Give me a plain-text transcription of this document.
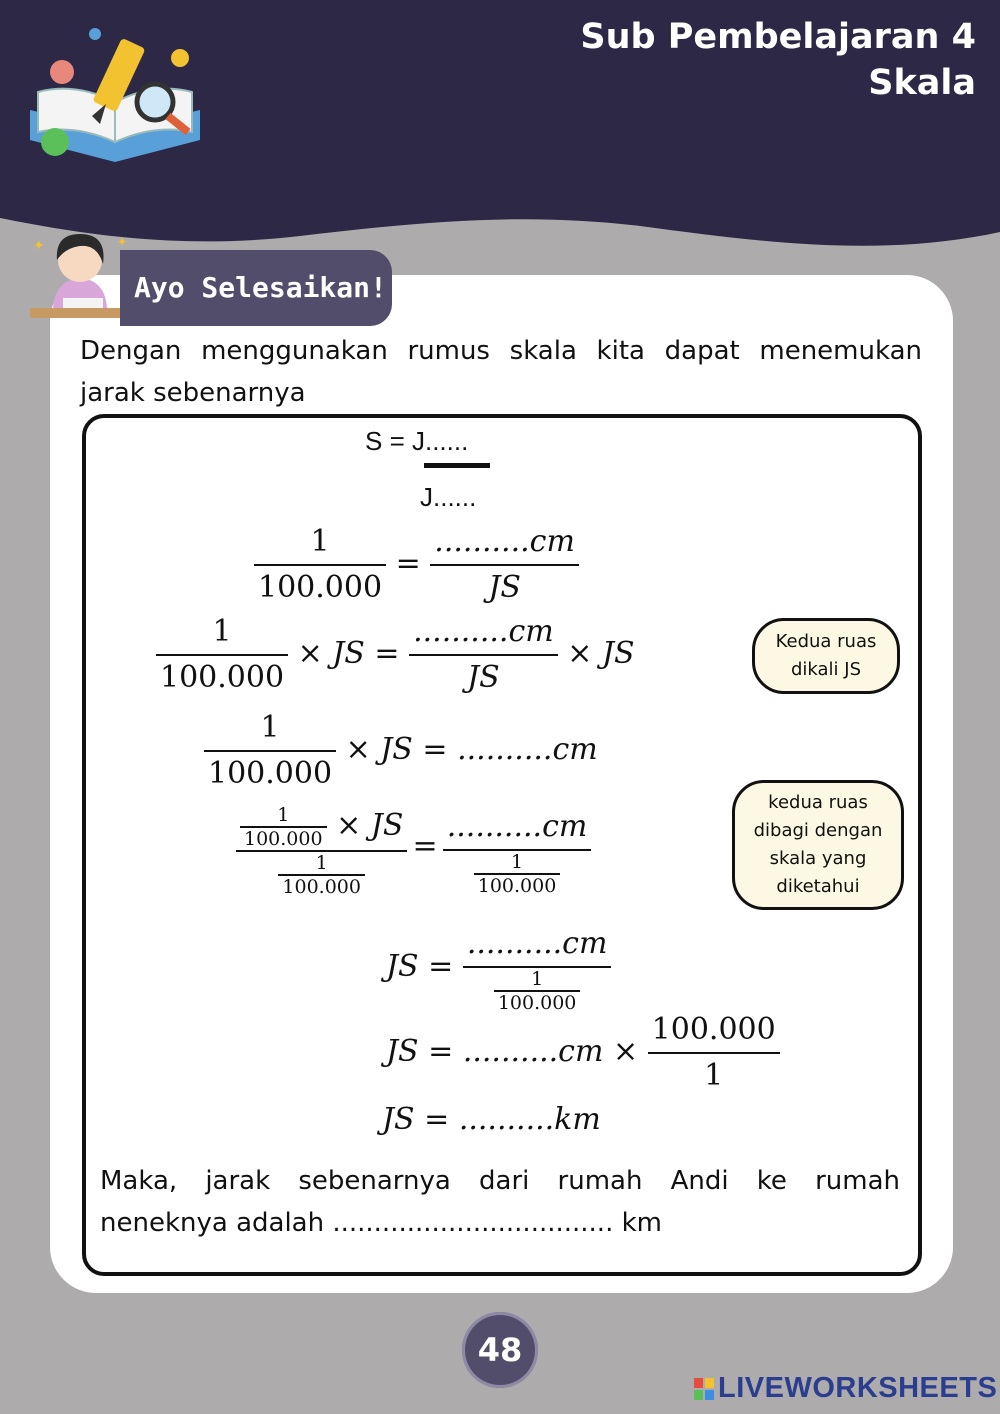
Sub Pembelajaran 4
Skala
✦	✦
Ayo Selesaikan!
Dengan menggunakan rumus skala kita dapat menemukan
jarak sebenarnya
S = J......
J......
$\frac{1}{100.000} = \frac{..........cm}{JS}$
$\frac{1}{100.000}$ × JS = $\frac{..........cm}{JS}$ × JS	Kedua ruas
dikali JS
$\frac{1}{100.000}$ × JS = ..........cm
$\frac{\frac{1}{100.000} \times JS}{\frac{1}{100.000}} = \frac{..........cm}{\frac{1}{100.000}}$
kedua ruas
dibagi dengan
skala yang
diketahui
JS = $\frac{..........cm}{\frac{1}{100.000}}$
JS = $..........cm \times \frac{100.000}{1}$
JS = ..........km
Maka, jarak sebenarnya dari rumah Andi ke rumah
neneknya adalah .................................. km
48
LIVEWORKSHEETS
